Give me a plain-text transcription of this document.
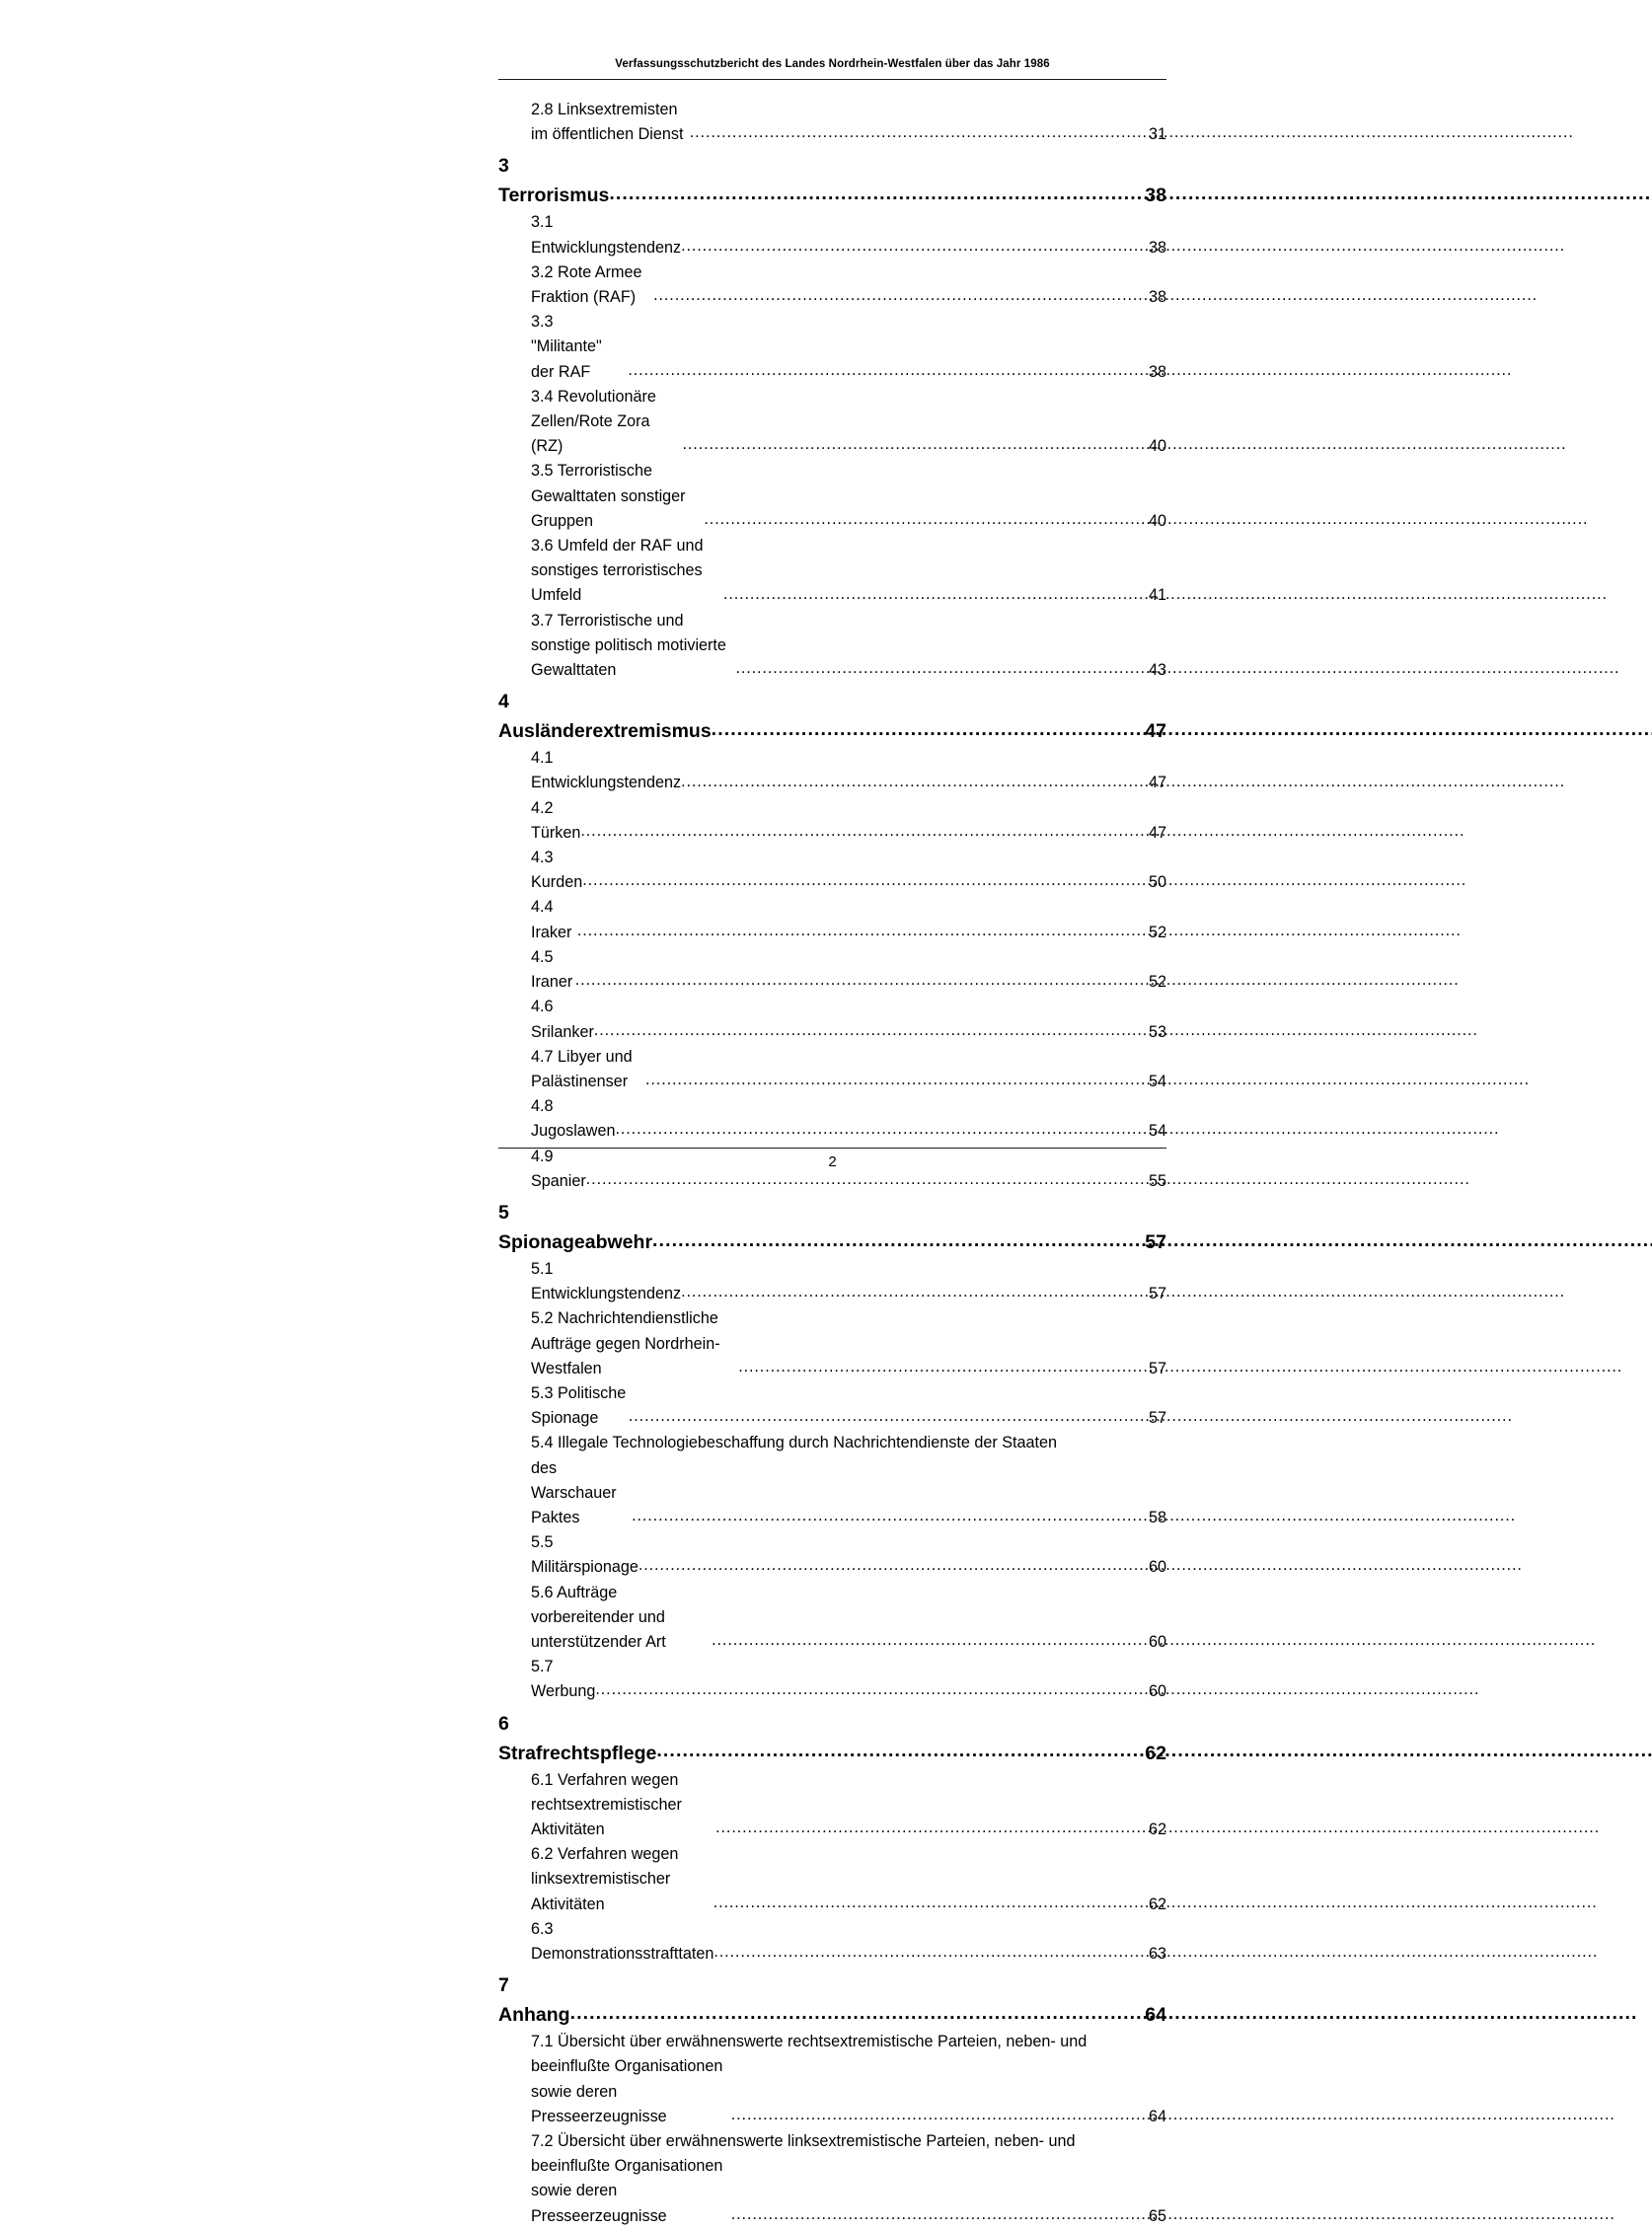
Verfassungsschutzbericht des Landes Nordrhein-Westfalen über das Jahr 1986
2.8 Linksextremisten im öffentlichen Dienst .....	31
3 Terrorismus .....	38
3.1 Entwicklungstendenz .....	38
3.2 Rote Armee Fraktion (RAF) .....	38
3.3 "Militante" der RAF .....	38
3.4 Revolutionäre Zellen/Rote Zora (RZ) .....	40
3.5 Terroristische Gewalttaten sonstiger Gruppen .....	40
3.6 Umfeld der RAF und sonstiges terroristisches Umfeld .....	41
3.7 Terroristische und sonstige politisch motivierte Gewalttaten .....	43
4 Ausländerextremismus .....	47
4.1 Entwicklungstendenz .....	47
4.2 Türken .....	47
4.3 Kurden .....	50
4.4 Iraker .....	52
4.5 Iraner .....	52
4.6 Srilanker .....	53
4.7 Libyer und Palästinenser .....	54
4.8 Jugoslawen .....	54
4.9 Spanier .....	55
5 Spionageabwehr .....	57
5.1 Entwicklungstendenz .....	57
5.2 Nachrichtendienstliche Aufträge gegen Nordrhein-Westfalen .....	57
5.3 Politische Spionage .....	57
5.4 Illegale Technologiebeschaffung durch Nachrichtendienste der Staaten
des Warschauer Paktes .....	58
5.5 Militärspionage .....	60
5.6 Aufträge vorbereitender und unterstützender Art .....	60
5.7 Werbung .....	60
6 Strafrechtspflege .....	62
6.1 Verfahren wegen rechtsextremistischer Aktivitäten .....	62
6.2 Verfahren wegen linksextremistischer Aktivitäten .....	62
6.3 Demonstrationsstrafttaten .....	63
7 Anhang .....	64
7.1 Übersicht über erwähnenswerte rechtsextremistische Parteien, neben- und
beeinflußte Organisationen sowie deren Presseerzeugnisse .....	64
7.2 Übersicht über erwähnenswerte linksextremistische Parteien, neben- und
beeinflußte Organisationen sowie deren Presseerzeugnisse .....	65
2
